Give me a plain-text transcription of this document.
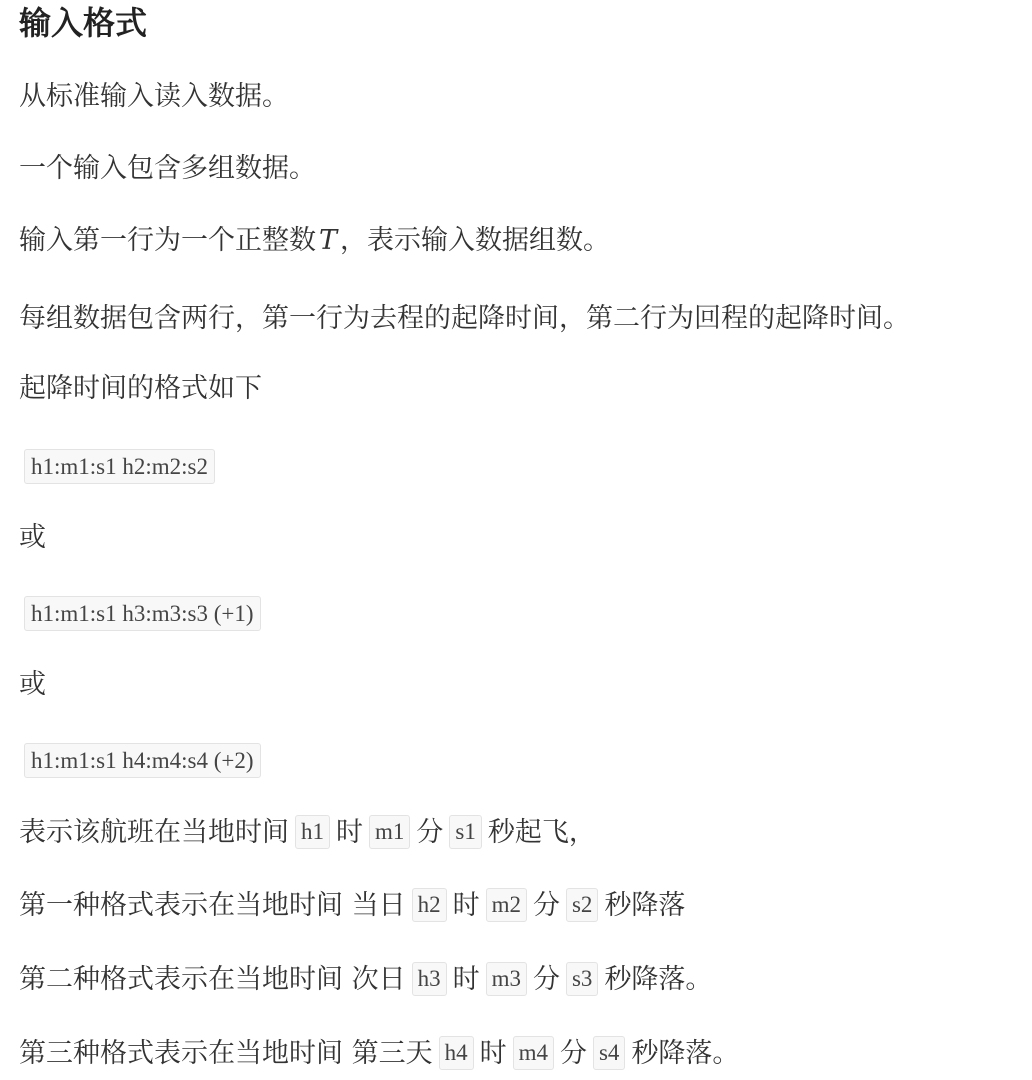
输入格式
从标准输入读入数据。
一个输入包含多组数据。
输入第一行为一个正整数 T ，表示输入数据组数。
每组数据包含两行，第一行为去程的起降时间，第二行为回程的起降时间。
起降时间的格式如下
h1:m1:s1 h2:m2:s2
或
h1:m1:s1 h3:m3:s3 (+1)
或
h1:m1:s1 h4:m4:s4 (+2)
表示该航班在当地时间 h1 时 m1 分 s1 秒起飞，
第一种格式表示在当地时间 当日 h2 时 m2 分 s2 秒降落
第二种格式表示在当地时间 次日 h3 时 m3 分 s3 秒降落。
第三种格式表示在当地时间 第三天 h4 时 m4 分 s4 秒降落。
